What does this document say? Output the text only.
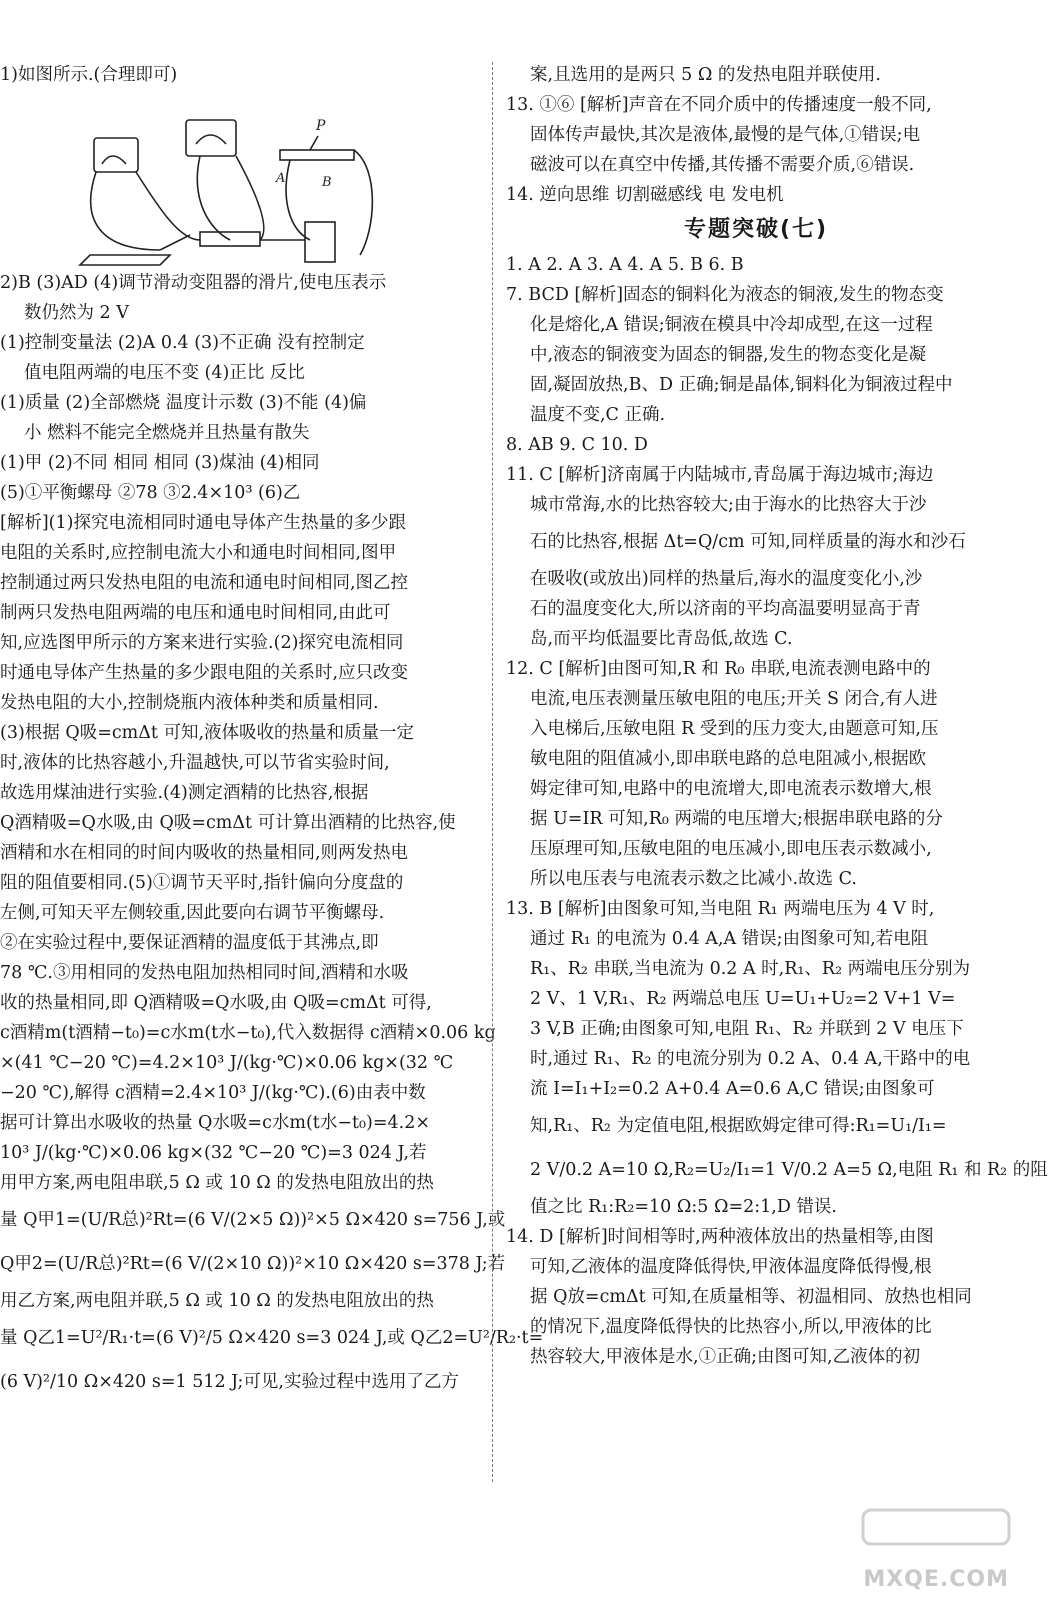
1)如图所示.(合理即可)
P
A	B
2)B (3)AD (4)调节滑动变阻器的滑片,使电压表示
数仍然为 2 V
(1)控制变量法 (2)A 0.4 (3)不正确 没有控制定
值电阻两端的电压不变 (4)正比 反比
(1)质量 (2)全部燃烧 温度计示数 (3)不能 (4)偏
小 燃料不能完全燃烧并且热量有散失
(1)甲 (2)不同 相同 相同 (3)煤油 (4)相同
(5)①平衡螺母 ②78 ③2.4×10³ (6)乙
[解析](1)探究电流相同时通电导体产生热量的多少跟
电阻的关系时,应控制电流大小和通电时间相同,图甲
控制通过两只发热电阻的电流和通电时间相同,图乙控
制两只发热电阻两端的电压和通电时间相同,由此可
知,应选图甲所示的方案来进行实验.(2)探究电流相同
时通电导体产生热量的多少跟电阻的关系时,应只改变
发热电阻的大小,控制烧瓶内液体种类和质量相同.
(3)根据 Q吸=cmΔt 可知,液体吸收的热量和质量一定
时,液体的比热容越小,升温越快,可以节省实验时间,
故选用煤油进行实验.(4)测定酒精的比热容,根据
Q酒精吸=Q水吸,由 Q吸=cmΔt 可计算出酒精的比热容,使
酒精和水在相同的时间内吸收的热量相同,则两发热电
阻的阻值要相同.(5)①调节天平时,指针偏向分度盘的
左侧,可知天平左侧较重,因此要向右调节平衡螺母.
②在实验过程中,要保证酒精的温度低于其沸点,即
78 ℃.③用相同的发热电阻加热相同时间,酒精和水吸
收的热量相同,即 Q酒精吸=Q水吸,由 Q吸=cmΔt 可得,
c酒精m(t酒精−t₀)=c水m(t水−t₀),代入数据得 c酒精×0.06 kg
×(41 ℃−20 ℃)=4.2×10³ J/(kg·℃)×0.06 kg×(32 ℃
−20 ℃),解得 c酒精=2.4×10³ J/(kg·℃).(6)由表中数
据可计算出水吸收的热量 Q水吸=c水m(t水−t₀)=4.2×
10³ J/(kg·℃)×0.06 kg×(32 ℃−20 ℃)=3 024 J,若
用甲方案,两电阻串联,5 Ω 或 10 Ω 的发热电阻放出的热
量 Q甲1=(U/R总)²Rt=(6 V/(2×5 Ω))²×5 Ω×420 s=756 J,或
Q甲2=(U/R总)²Rt=(6 V/(2×10 Ω))²×10 Ω×420 s=378 J;若
用乙方案,两电阻并联,5 Ω 或 10 Ω 的发热电阻放出的热
量 Q乙1=U²/R₁·t=(6 V)²/5 Ω×420 s=3 024 J,或 Q乙2=U²/R₂·t=
(6 V)²/10 Ω×420 s=1 512 J;可见,实验过程中选用了乙方
案,且选用的是两只 5 Ω 的发热电阻并联使用.
13. ①⑥ [解析]声音在不同介质中的传播速度一般不同,
固体传声最快,其次是液体,最慢的是气体,①错误;电
磁波可以在真空中传播,其传播不需要介质,⑥错误.
14. 逆向思维 切割磁感线 电 发电机
专题突破(七)
1. A 2. A 3. A 4. A 5. B 6. B
7. BCD [解析]固态的铜料化为液态的铜液,发生的物态变
化是熔化,A 错误;铜液在模具中冷却成型,在这一过程
中,液态的铜液变为固态的铜器,发生的物态变化是凝
固,凝固放热,B、D 正确;铜是晶体,铜料化为铜液过程中
温度不变,C 正确.
8. AB 9. C 10. D
11. C [解析]济南属于内陆城市,青岛属于海边城市;海边
城市常海,水的比热容较大;由于海水的比热容大于沙
石的比热容,根据 Δt=Q/cm 可知,同样质量的海水和沙石
在吸收(或放出)同样的热量后,海水的温度变化小,沙
石的温度变化大,所以济南的平均高温要明显高于青
岛,而平均低温要比青岛低,故选 C.
12. C [解析]由图可知,R 和 R₀ 串联,电流表测电路中的
电流,电压表测量压敏电阻的电压;开关 S 闭合,有人进
入电梯后,压敏电阻 R 受到的压力变大,由题意可知,压
敏电阻的阻值减小,即串联电路的总电阻减小,根据欧
姆定律可知,电路中的电流增大,即电流表示数增大,根
据 U=IR 可知,R₀ 两端的电压增大;根据串联电路的分
压原理可知,压敏电阻的电压减小,即电压表示数减小,
所以电压表与电流表示数之比减小.故选 C.
13. B [解析]由图象可知,当电阻 R₁ 两端电压为 4 V 时,
通过 R₁ 的电流为 0.4 A,A 错误;由图象可知,若电阻
R₁、R₂ 串联,当电流为 0.2 A 时,R₁、R₂ 两端电压分别为
2 V、1 V,R₁、R₂ 两端总电压 U=U₁+U₂=2 V+1 V=
3 V,B 正确;由图象可知,电阻 R₁、R₂ 并联到 2 V 电压下
时,通过 R₁、R₂ 的电流分别为 0.2 A、0.4 A,干路中的电
流 I=I₁+I₂=0.2 A+0.4 A=0.6 A,C 错误;由图象可
知,R₁、R₂ 为定值电阻,根据欧姆定律可得:R₁=U₁/I₁=
2 V/0.2 A=10 Ω,R₂=U₂/I₁=1 V/0.2 A=5 Ω,电阻 R₁ 和 R₂ 的阻
值之比 R₁:R₂=10 Ω:5 Ω=2:1,D 错误.
14. D [解析]时间相等时,两种液体放出的热量相等,由图
可知,乙液体的温度降低得快,甲液体温度降低得慢,根
据 Q放=cmΔt 可知,在质量相等、初温相同、放热也相同
的情况下,温度降低得快的比热容小,所以,甲液体的比
热容较大,甲液体是水,①正确;由图可知,乙液体的初
MXQE.COM
